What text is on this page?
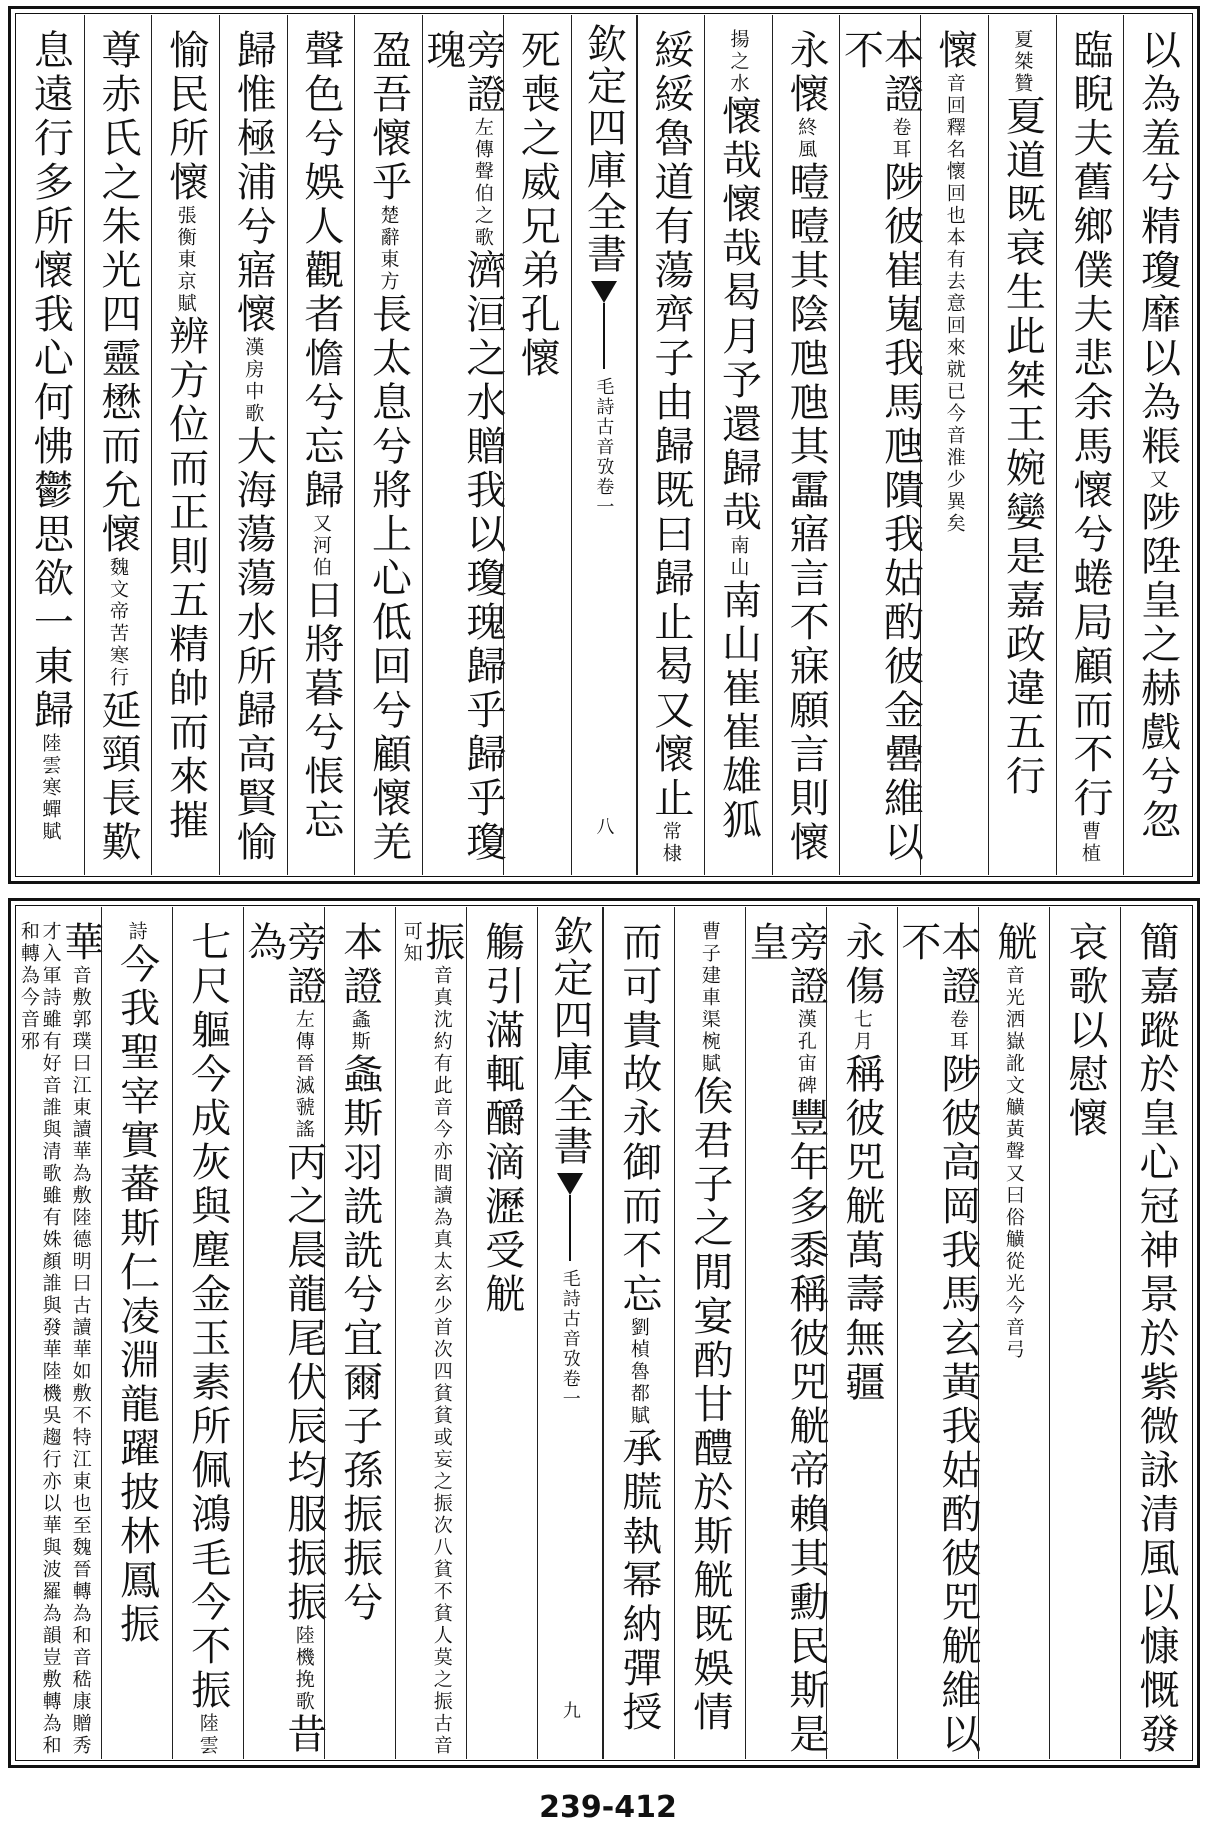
以為羞兮精瓊靡以為粻又陟陞皇之赫戲兮忽
臨睨夫舊鄉僕夫悲余馬懷兮蜷局顧而不行曹植
夏桀贊夏道既衰生此桀王婉孌是嘉政違五行
懷音回釋名懷回也本有去意回來就已今音淮少異矣
本證卷耳陟彼崔嵬我馬虺隤我姑酌彼金罍維以不
永懷終風曀曀其陰虺虺其靁寤言不寐願言則懷
揚之水懷哉懷哉曷月予還歸哉南山南山崔崔雄狐
綏綏魯道有蕩齊子由歸既曰歸止曷又懷止常棣
欽定四庫全書
毛詩古音攷卷一
八
死喪之威兄弟孔懷
旁證左傳聲伯之歌濟洹之水贈我以瓊瑰歸乎歸乎瓊瑰
盈吾懷乎楚辭東方長太息兮將上心低回兮顧懷羌
聲色兮娛人觀者憺兮忘歸又河伯日將暮兮悵忘
歸惟極浦兮寤懷漢房中歌大海蕩蕩水所歸高賢愉
愉民所懷張衡東京賦辨方位而正則五精帥而來摧
尊赤氏之朱光四靈懋而允懷魏文帝苦寒行延頸長歎
息遠行多所懷我心何怫鬱思欲一東歸陸雲寒蟬賦
簡嘉蹤於皇心冠神景於紫微詠清風以慷慨發
哀歌以慰懷
觥音光洒嶽訛文觵黃聲又曰俗觵從光今音弓
本證卷耳陟彼高岡我馬玄黃我姑酌彼兕觥維以不
永傷七月稱彼兕觥萬壽無疆
旁證漢孔宙碑豐年多黍稱彼兕觥帝賴其勳民斯是皇
曹子建車渠椀賦俟君子之閒宴酌甘醴於斯觥既娛情
而可貴故永御而不忘劉楨魯都賦承㬻執幂納彈授
欽定四庫全書
毛詩古音攷卷一
九
觴引滿輒釂滴瀝受觥
振音真沈約有此音今亦間讀為真太玄少首次四貧貧或妄之振次八貧不貧人莫之振古音可知
本證螽斯螽斯羽詵詵兮宜爾子孫振振兮
旁證左傳晉滅虢謠丙之晨龍尾伏辰均服振振陸機挽歌昔為
七尺軀今成灰與塵金玉素所佩鴻毛今不振陸雲
詩今我聖宰實蕃斯仁凌淵龍躍披林鳳振
華音敷郭璞曰江東讀華為敷陸德明曰古讀華如敷不特江東也至魏晉轉為和音嵇康贈秀才入軍詩雖有好音誰與清歌雖有姝顏誰與發華陸機吳趨行亦以華與波羅為韻豈敷轉為和和轉為今音邪
239-412
